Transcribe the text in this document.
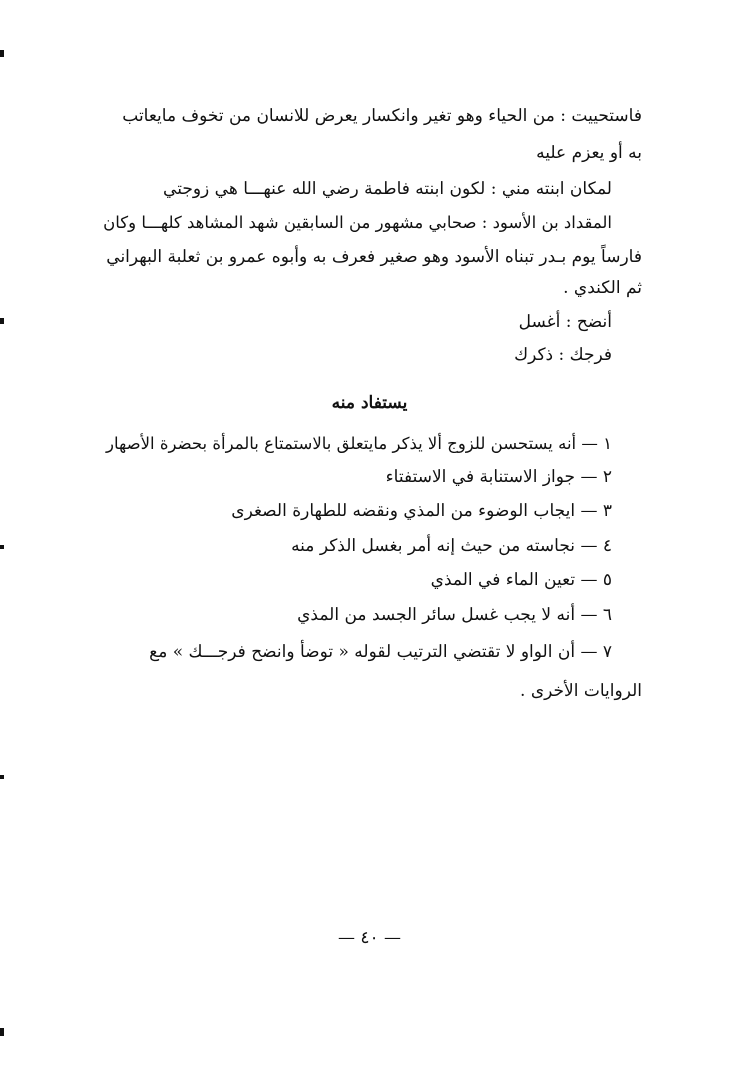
فاستحييت : من الحياء وهو تغير وانكسار يعرض للانسان من تخوف مايعاتب
به أو يعزم عليه
لمكان ابنته مني : لكون ابنته فاطمة رضي الله عنهـــا هي زوجتي
المقداد بن الأسود : صحابي مشهور من السابقين شهد المشاهد كلهـــا وكان
فارساً يوم بـدر تبناه الأسود وهو صغير فعرف به وأبوه عمرو بن ثعلبة البهراني
ثم الكندي .
أنضح : أغسل
فرجك : ذكرك
يستفاد منه
١ — أنه يستحسن للزوج ألا يذكر مايتعلق بالاستمتاع بالمرأة بحضرة الأصهار
٢ — جواز الاستنابة في الاستفتاء
٣ — ايجاب الوضوء من المذي ونقضه للطهارة الصغرى
٤ — نجاسته من حيث إنه أمر بغسل الذكر منه
٥ — تعين الماء في المذي
٦ — أنه لا يجب غسل سائر الجسد من المذي
٧ — أن الواو لا تقتضي الترتيب لقوله « توضأ وانضح فرجـــك » مع
الروايات الأخرى .
— ٤٠ —
